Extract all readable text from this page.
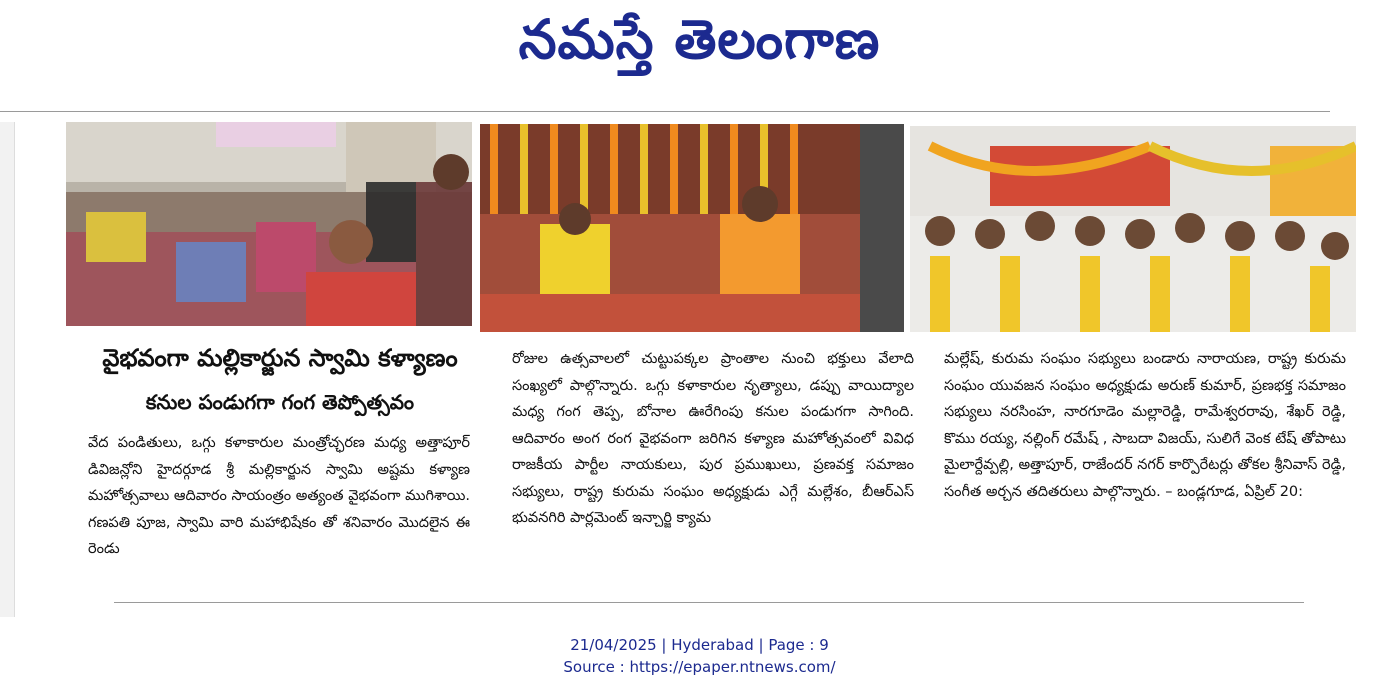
నమస్తే తెలంగాణ
వైభవంగా మల్లికార్జున స్వామి కళ్యాణం
కనుల పండుగగా గంగ తెప్పోత్సవం

వేద పండితులు, ఒగ్గు కళాకారుల మంత్రోచ్ఛరణ మధ్య అత్తాపూర్ డివిజన్లోని హైదర్గూడ శ్రీ మల్లికార్జున స్వామి అష్టమ కళ్యాణ మహోత్సవాలు ఆదివారం సాయంత్రం అత్యంత వైభవంగా ముగిశాయి. గణపతి పూజ, స్వామి వారి మహాభిషేకం తో శనివారం మొదలైన ఈ రెండు

రోజుల ఉత్సవాలలో చుట్టుపక్కల ప్రాంతాల నుంచి భక్తులు వేలాది సంఖ్యలో పాల్గొన్నారు. ఒగ్గు కళాకారుల నృత్యాలు, డప్పు వాయిద్యాల మధ్య గంగ తెప్ప, బోనాల ఊరేగింపు కనుల పండుగగా సాగింది. ఆదివారం అంగ రంగ వైభవంగా జరిగిన కళ్యాణ మహోత్సవంలో వివిధ రాజకీయ పార్టీల నాయకులు, పుర ప్రముఖులు, ప్రణవక్త సమాజం సభ్యులు, రాష్ట్ర కురుమ సంఘం అధ్యక్షుడు ఎగ్గే మల్లేశం, బీఆర్ఎస్ భువనగిరి పార్లమెంట్ ఇన్చార్జి క్యామ

మల్లేష్, కురుమ సంఘం సభ్యులు బండారు నారాయణ, రాష్ట్ర కురుమ సంఘం యువజన సంఘం అధ్యక్షుడు అరుణ్ కుమార్, ప్రణభక్త సమాజం సభ్యులు నరసింహ, నారగూడెం మల్లారెడ్డి, రామేశ్వరరావు, శేఖర్ రెడ్డి, కొము రయ్య, నల్లింగ్ రమేష్ , సాబదా విజయ్, సులిగే వెంక టేష్ తోపాటు మైలార్దేవ్పల్లి, అత్తాపూర్, రాజేందర్ నగర్ కార్పొరేటర్లు తోకల శ్రీనివాస్ రెడ్డి, సంగీత అర్చన తదితరులు పాల్గొన్నారు. – బండ్లగూడ, ఏప్రిల్ 20:

21/04/2025 | Hyderabad | Page : 9
Source : https://epaper.ntnews.com/
